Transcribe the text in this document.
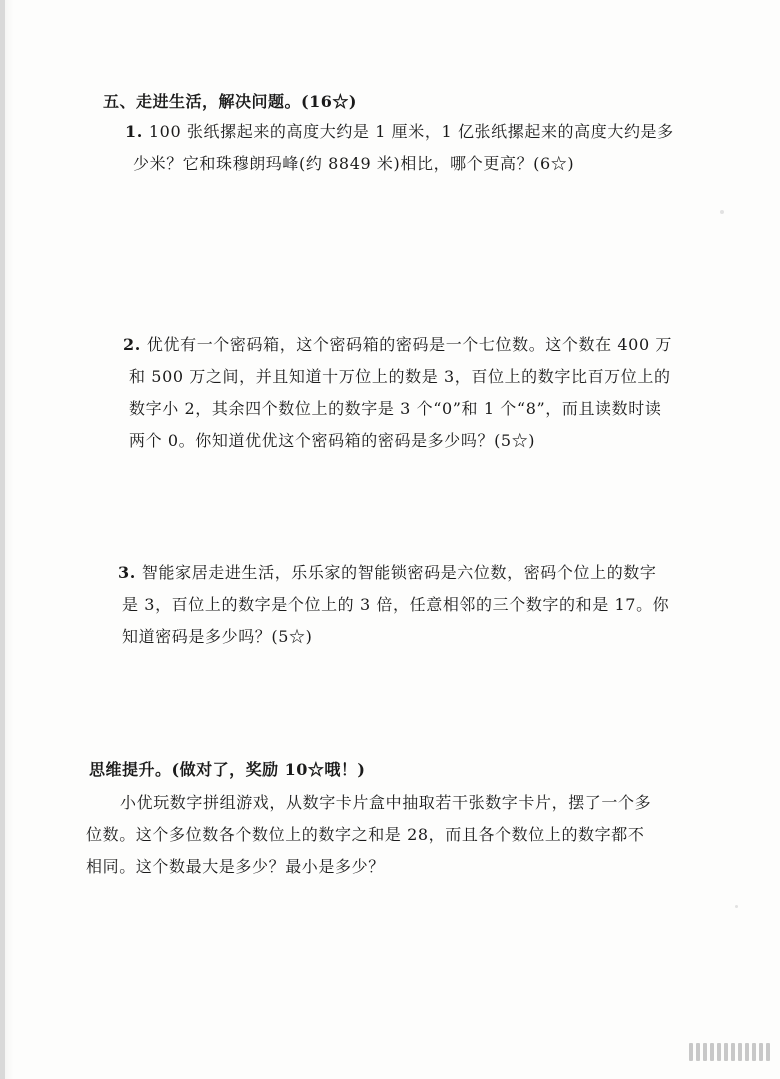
五、走进生活，解决问题。(16☆)
1. 100 张纸摞起来的高度大约是 1 厘米，1 亿张纸摞起来的高度大约是多
少米？它和珠穆朗玛峰(约 8849 米)相比，哪个更高？(6☆)
2. 优优有一个密码箱，这个密码箱的密码是一个七位数。这个数在 400 万
和 500 万之间，并且知道十万位上的数是 3，百位上的数字比百万位上的
数字小 2，其余四个数位上的数字是 3 个“0”和 1 个“8”，而且读数时读
两个 0。你知道优优这个密码箱的密码是多少吗？(5☆)
3. 智能家居走进生活，乐乐家的智能锁密码是六位数，密码个位上的数字
是 3，百位上的数字是个位上的 3 倍，任意相邻的三个数字的和是 17。你
知道密码是多少吗？(5☆)
思维提升。(做对了，奖励 10☆哦！)
小优玩数字拼组游戏，从数字卡片盒中抽取若干张数字卡片，摆了一个多
位数。这个多位数各个数位上的数字之和是 28，而且各个数位上的数字都不
相同。这个数最大是多少？最小是多少？
